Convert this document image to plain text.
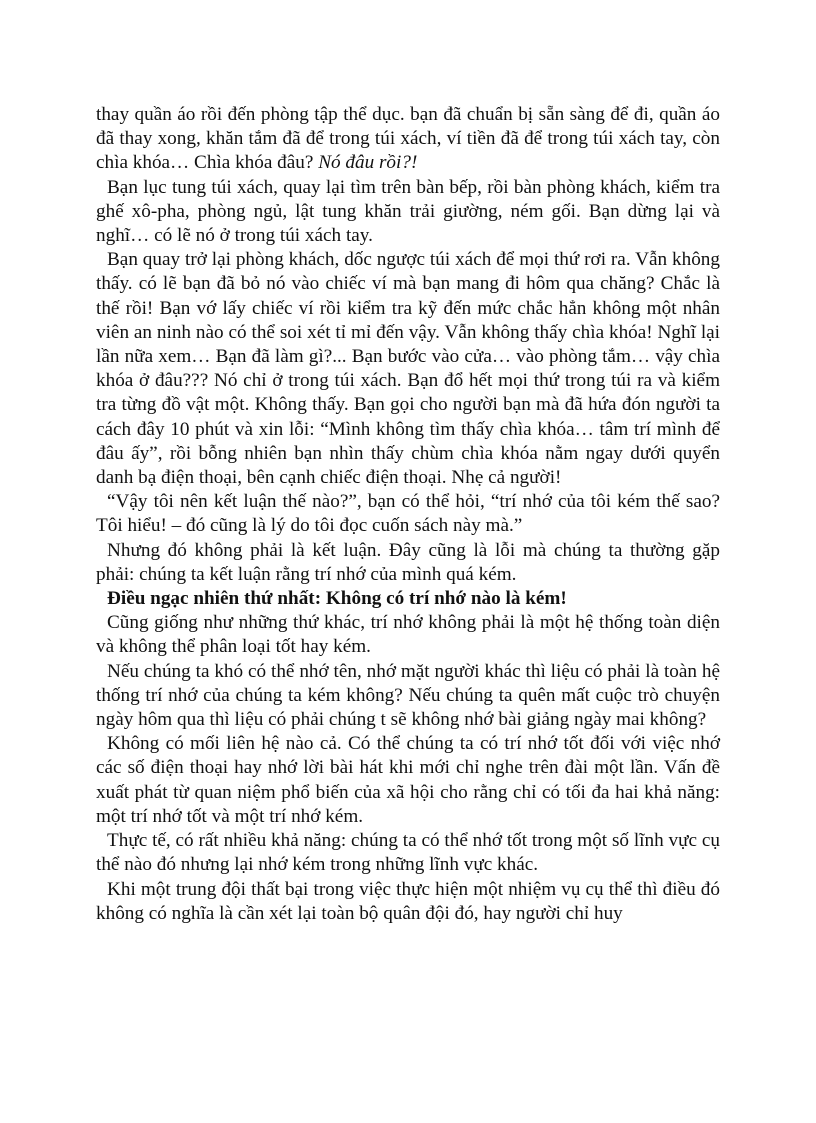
thay quần áo rồi đến phòng tập thể dục. bạn đã chuẩn bị sẵn sàng để đi, quần áo đã thay xong, khăn tắm đã để trong túi xách, ví tiền đã để trong túi xách tay, còn chìa khóa… Chìa khóa đâu? Nó đâu rồi?!

Bạn lục tung túi xách, quay lại tìm trên bàn bếp, rồi bàn phòng khách, kiểm tra ghế xô-pha, phòng ngủ, lật tung khăn trải giường, ném gối. Bạn dừng lại và nghĩ… có lẽ nó ở trong túi xách tay.

Bạn quay trở lại phòng khách, dốc ngược túi xách để mọi thứ rơi ra. Vẫn không thấy. có lẽ bạn đã bỏ nó vào chiếc ví mà bạn mang đi hôm qua chăng? Chắc là thế rồi! Bạn vớ lấy chiếc ví rồi kiểm tra kỹ đến mức chắc hẳn không một nhân viên an ninh nào có thể soi xét tỉ mỉ đến vậy. Vẫn không thấy chìa khóa! Nghĩ lại lần nữa xem… Bạn đã làm gì?... Bạn bước vào cửa… vào phòng tắm… vậy chìa khóa ở đâu??? Nó chỉ ở trong túi xách. Bạn đổ hết mọi thứ trong túi ra và kiểm tra từng đồ vật một. Không thấy. Bạn gọi cho người bạn mà đã hứa đón người ta cách đây 10 phút và xin lỗi: “Mình không tìm thấy chìa khóa… tâm trí mình để đâu ấy”, rồi bỗng nhiên bạn nhìn thấy chùm chìa khóa nằm ngay dưới quyển danh bạ điện thoại, bên cạnh chiếc điện thoại. Nhẹ cả người!

“Vậy tôi nên kết luận thế nào?”, bạn có thể hỏi, “trí nhớ của tôi kém thế sao? Tôi hiểu! – đó cũng là lý do tôi đọc cuốn sách này mà.”

Nhưng đó không phải là kết luận. Đây cũng là lỗi mà chúng ta thường gặp phải: chúng ta kết luận rằng trí nhớ của mình quá kém.

Điều ngạc nhiên thứ nhất: Không có trí nhớ nào là kém!

Cũng giống như những thứ khác, trí nhớ không phải là một hệ thống toàn diện và không thể phân loại tốt hay kém.

Nếu chúng ta khó có thể nhớ tên, nhớ mặt người khác thì liệu có phải là toàn hệ thống trí nhớ của chúng ta kém không? Nếu chúng ta quên mất cuộc trò chuyện ngày hôm qua thì liệu có phải chúng t sẽ không nhớ bài giảng ngày mai không?

Không có mối liên hệ nào cả. Có thể chúng ta có trí nhớ tốt đối với việc nhớ các số điện thoại hay nhớ lời bài hát khi mới chỉ nghe trên đài một lần. Vấn đề xuất phát từ quan niệm phổ biến của xã hội cho rằng chỉ có tối đa hai khả năng: một trí nhớ tốt và một trí nhớ kém.

Thực tế, có rất nhiều khả năng: chúng ta có thể nhớ tốt trong một số lĩnh vực cụ thể nào đó nhưng lại nhớ kém trong những lĩnh vực khác.

Khi một trung đội thất bại trong việc thực hiện một nhiệm vụ cụ thể thì điều đó không có nghĩa là cần xét lại toàn bộ quân đội đó, hay người chỉ huy
